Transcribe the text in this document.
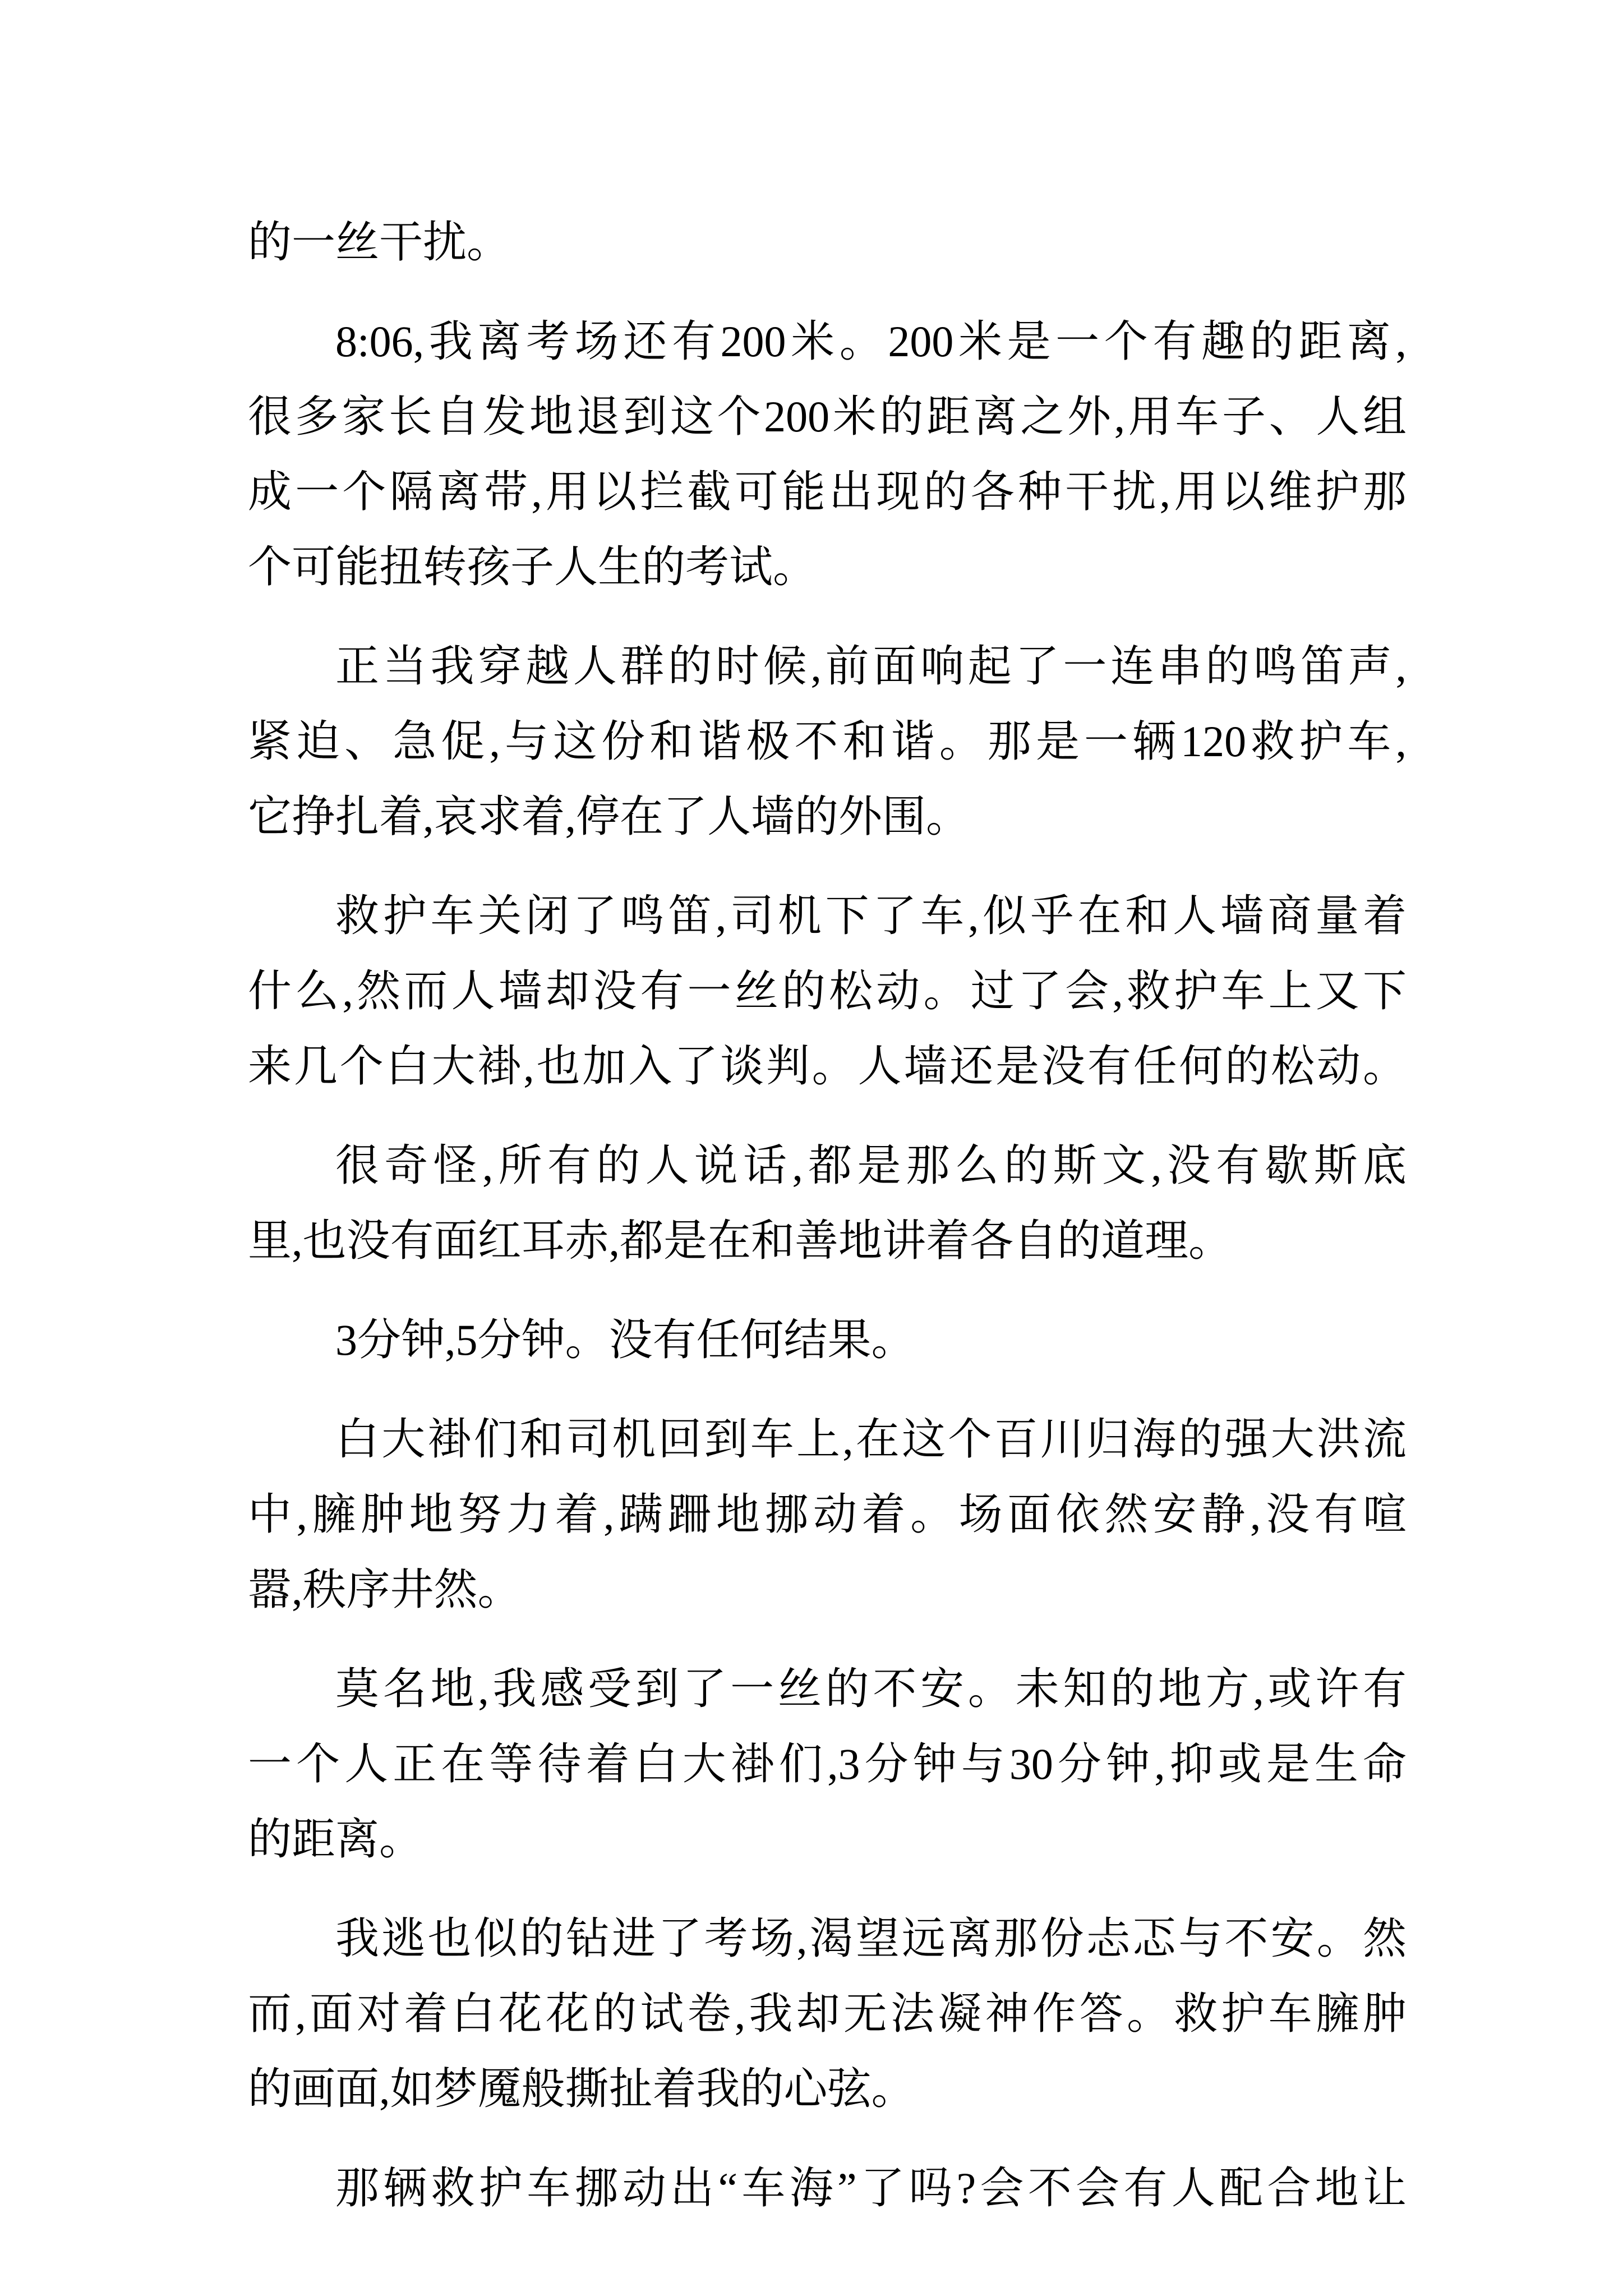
的一丝干扰。
8:06,我离考场还有200米。200米是一个有趣的距离,
很多家长自发地退到这个200米的距离之外,用车子、人组
成一个隔离带,用以拦截可能出现的各种干扰,用以维护那
个可能扭转孩子人生的考试。
正当我穿越人群的时候,前面响起了一连串的鸣笛声,
紧迫、急促,与这份和谐极不和谐。那是一辆120救护车,
它挣扎着,哀求着,停在了人墙的外围。
救护车关闭了鸣笛,司机下了车,似乎在和人墙商量着
什么,然而人墙却没有一丝的松动。过了会,救护车上又下
来几个白大褂,也加入了谈判。人墙还是没有任何的松动。
很奇怪,所有的人说话,都是那么的斯文,没有歇斯底
里,也没有面红耳赤,都是在和善地讲着各自的道理。
3分钟,5分钟。没有任何结果。
白大褂们和司机回到车上,在这个百川归海的强大洪流
中,臃肿地努力着,蹒跚地挪动着。场面依然安静,没有喧
嚣,秩序井然。
莫名地,我感受到了一丝的不安。未知的地方,或许有
一个人正在等待着白大褂们,3分钟与30分钟,抑或是生命
的距离。
我逃也似的钻进了考场,渴望远离那份忐忑与不安。然
而,面对着白花花的试卷,我却无法凝神作答。救护车臃肿
的画面,如梦魇般撕扯着我的心弦。
那辆救护车挪动出“车海”了吗?会不会有人配合地让
